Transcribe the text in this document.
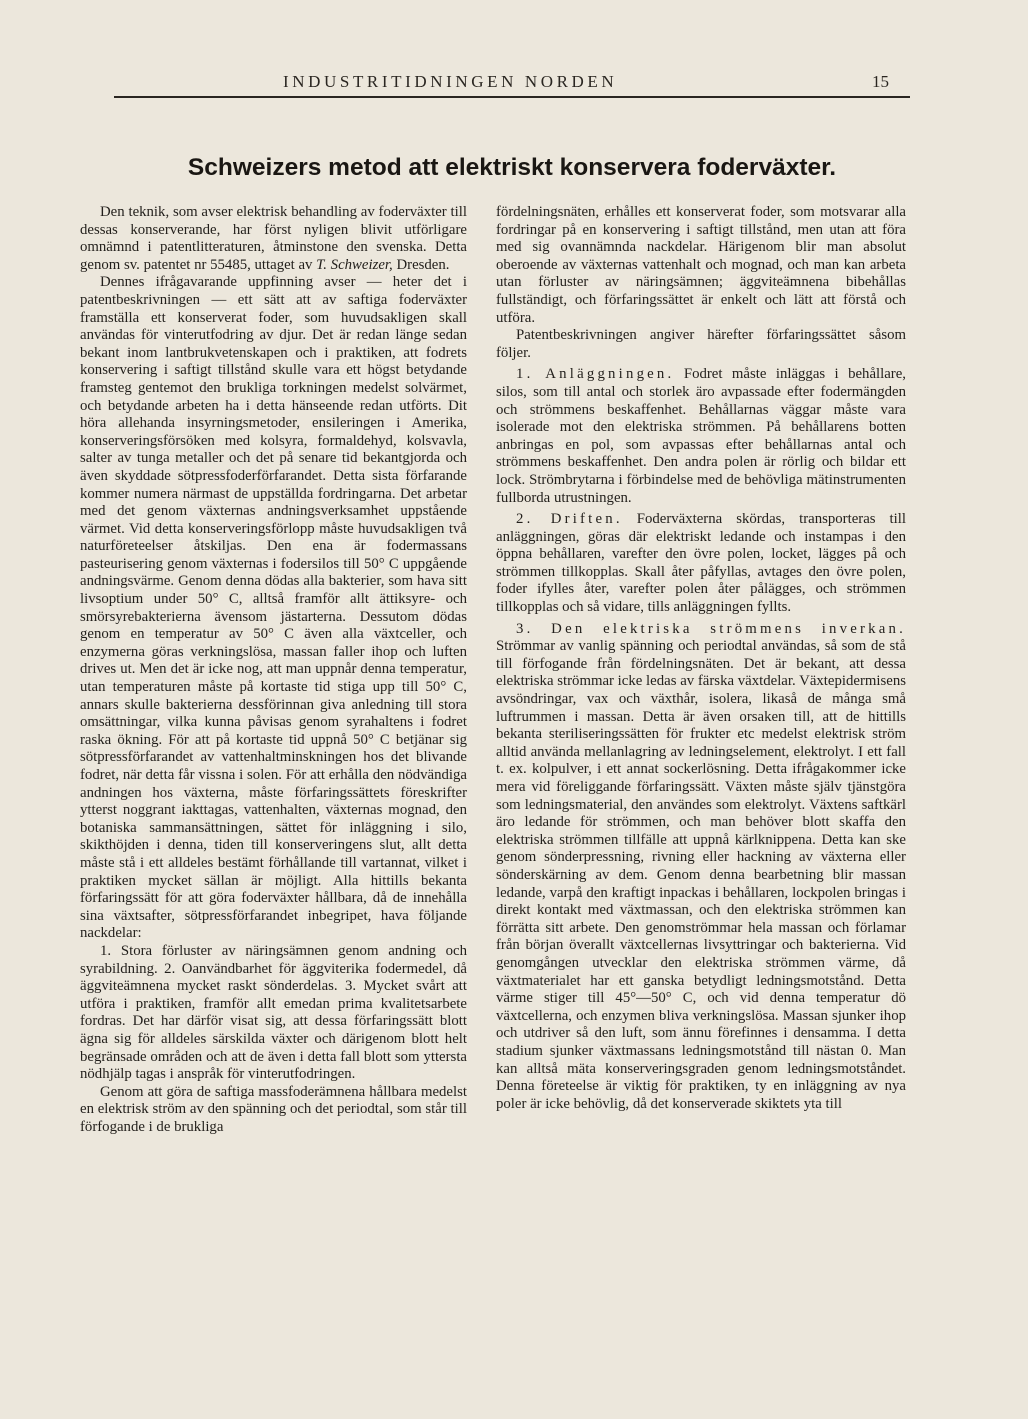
INDUSTRITIDNINGEN NORDEN	15
Schweizers metod att elektriskt konservera foderväxter.

Den teknik, som avser elektrisk behandling av foderväxter till dessas konserverande, har först nyligen blivit utförligare omnämnd i patentlitteraturen, åtminstone den svenska. Detta genom sv. patentet nr 55485, uttaget av T. Schweizer, Dresden.

Dennes ifrågavarande uppfinning avser — heter det i patentbeskrivningen — ett sätt att av saftiga foderväxter framställa ett konserverat foder, som huvudsakligen skall användas för vinterutfodring av djur. Det är redan länge sedan bekant inom lantbrukvetenskapen och i praktiken, att fodrets konservering i saftigt tillstånd skulle vara ett högst betydande framsteg gentemot den brukliga torkningen medelst solvärmet, och betydande arbeten ha i detta hänseende redan utförts. Dit höra allehanda insyrningsmetoder, ensileringen i Amerika, konserveringsförsöken med kolsyra, formaldehyd, kolsvavla, salter av tunga metaller och det på senare tid bekantgjorda och även skyddade sötpressfoderförfarandet. Detta sista förfarande kommer numera närmast de uppställda fordringarna. Det arbetar med det genom växternas andningsverksamhet uppstående värmet. Vid detta konserveringsförlopp måste huvudsakligen två naturföreteelser åtskiljas. Den ena är fodermassans pasteurisering genom växternas i fodersilos till 50° C uppgående andningsvärme. Genom denna dödas alla bakterier, som hava sitt livsoptium under 50° C, alltså framför allt ättiksyre- och smörsyrebakterierna ävensom jästarterna. Dessutom dödas genom en temperatur av 50° C även alla växtceller, och enzymerna göras verkningslösa, massan faller ihop och luften drives ut. Men det är icke nog, att man uppnår denna temperatur, utan temperaturen måste på kortaste tid stiga upp till 50° C, annars skulle bakterierna dessförinnan giva anledning till stora omsättningar, vilka kunna påvisas genom syrahaltens i fodret raska ökning. För att på kortaste tid uppnå 50° C betjänar sig sötpressförfarandet av vattenhaltminskningen hos det blivande fodret, när detta får vissna i solen. För att erhålla den nödvändiga andningen hos växterna, måste förfaringssättets föreskrifter ytterst noggrant iakttagas, vattenhalten, växternas mognad, den botaniska sammansättningen, sättet för inläggning i silo, skikthöjden i denna, tiden till konserveringens slut, allt detta måste stå i ett alldeles bestämt förhållande till vartannat, vilket i praktiken mycket sällan är möjligt. Alla hittills bekanta förfaringssätt för att göra foderväxter hållbara, då de innehålla sina växtsafter, sötpressförfarandet inbegripet, hava följande nackdelar:

1. Stora förluster av näringsämnen genom andning och syrabildning. 2. Oanvändbarhet för äggviterika fodermedel, då äggviteämnena mycket raskt sönderdelas. 3. Mycket svårt att utföra i praktiken, framför allt emedan prima kvalitetsarbete fordras. Det har därför visat sig, att dessa förfaringssätt blott ägna sig för alldeles särskilda växter och därigenom blott helt begränsade områden och att de även i detta fall blott som yttersta nödhjälp tagas i anspråk för vinterutfodringen.

Genom att göra de saftiga massfoderämnena hållbara medelst en elektrisk ström av den spänning och det periodtal, som står till förfogande i de brukliga

fördelningsnäten, erhålles ett konserverat foder, som motsvarar alla fordringar på en konservering i saftigt tillstånd, men utan att föra med sig ovannämnda nackdelar. Härigenom blir man absolut oberoende av växternas vattenhalt och mognad, och man kan arbeta utan förluster av näringsämnen; äggviteämnena bibehållas fullständigt, och förfaringssättet är enkelt och lätt att förstå och utföra.

Patentbeskrivningen angiver härefter förfaringssättet såsom följer.

1. Anläggningen. Fodret måste inläggas i behållare, silos, som till antal och storlek äro avpassade efter fodermängden och strömmens beskaffenhet. Behållarnas väggar måste vara isolerade mot den elektriska strömmen. På behållarens botten anbringas en pol, som avpassas efter behållarnas antal och strömmens beskaffenhet. Den andra polen är rörlig och bildar ett lock. Strömbrytarna i förbindelse med de behövliga mätinstrumenten fullborda utrustningen.

2. Driften. Foderväxterna skördas, transporteras till anläggningen, göras där elektriskt ledande och instampas i den öppna behållaren, varefter den övre polen, locket, lägges på och strömmen tillkopplas. Skall åter påfyllas, avtages den övre polen, foder ifylles åter, varefter polen åter pålägges, och strömmen tillkopplas och så vidare, tills anläggningen fyllts.

3. Den elektriska strömmens inverkan. Strömmar av vanlig spänning och periodtal användas, så som de stå till förfogande från fördelningsnäten. Det är bekant, att dessa elektriska strömmar icke ledas av färska växtdelar. Växtepidermisens avsöndringar, vax och växthår, isolera, likaså de många små luftrummen i massan. Detta är även orsaken till, att de hittills bekanta steriliseringssätten för frukter etc medelst elektrisk ström alltid använda mellanlagring av ledningselement, elektrolyt. I ett fall t. ex. kolpulver, i ett annat sockerlösning. Detta ifrågakommer icke mera vid föreliggande förfaringssätt. Växten måste själv tjänstgöra som ledningsmaterial, den användes som elektrolyt. Växtens saftkärl äro ledande för strömmen, och man behöver blott skaffa den elektriska strömmen tillfälle att uppnå kärlknippena. Detta kan ske genom sönderpressning, rivning eller hackning av växterna eller sönderskärning av dem. Genom denna bearbetning blir massan ledande, varpå den kraftigt inpackas i behållaren, lockpolen bringas i direkt kontakt med växtmassan, och den elektriska strömmen kan förrätta sitt arbete. Den genomströmmar hela massan och förlamar från början överallt växtcellernas livsyttringar och bakterierna. Vid genomgången utvecklar den elektriska strömmen värme, då växtmaterialet har ett ganska betydligt ledningsmotstånd. Detta värme stiger till 45°—50° C, och vid denna temperatur dö växtcellerna, och enzymen bliva verkningslösa. Massan sjunker ihop och utdriver så den luft, som ännu förefinnes i densamma. I detta stadium sjunker växtmassans ledningsmotstånd till nästan 0. Man kan alltså mäta konserveringsgraden genom ledningsmotståndet. Denna företeelse är viktig för praktiken, ty en inläggning av nya poler är icke behövlig, då det konserverade skiktets yta till
